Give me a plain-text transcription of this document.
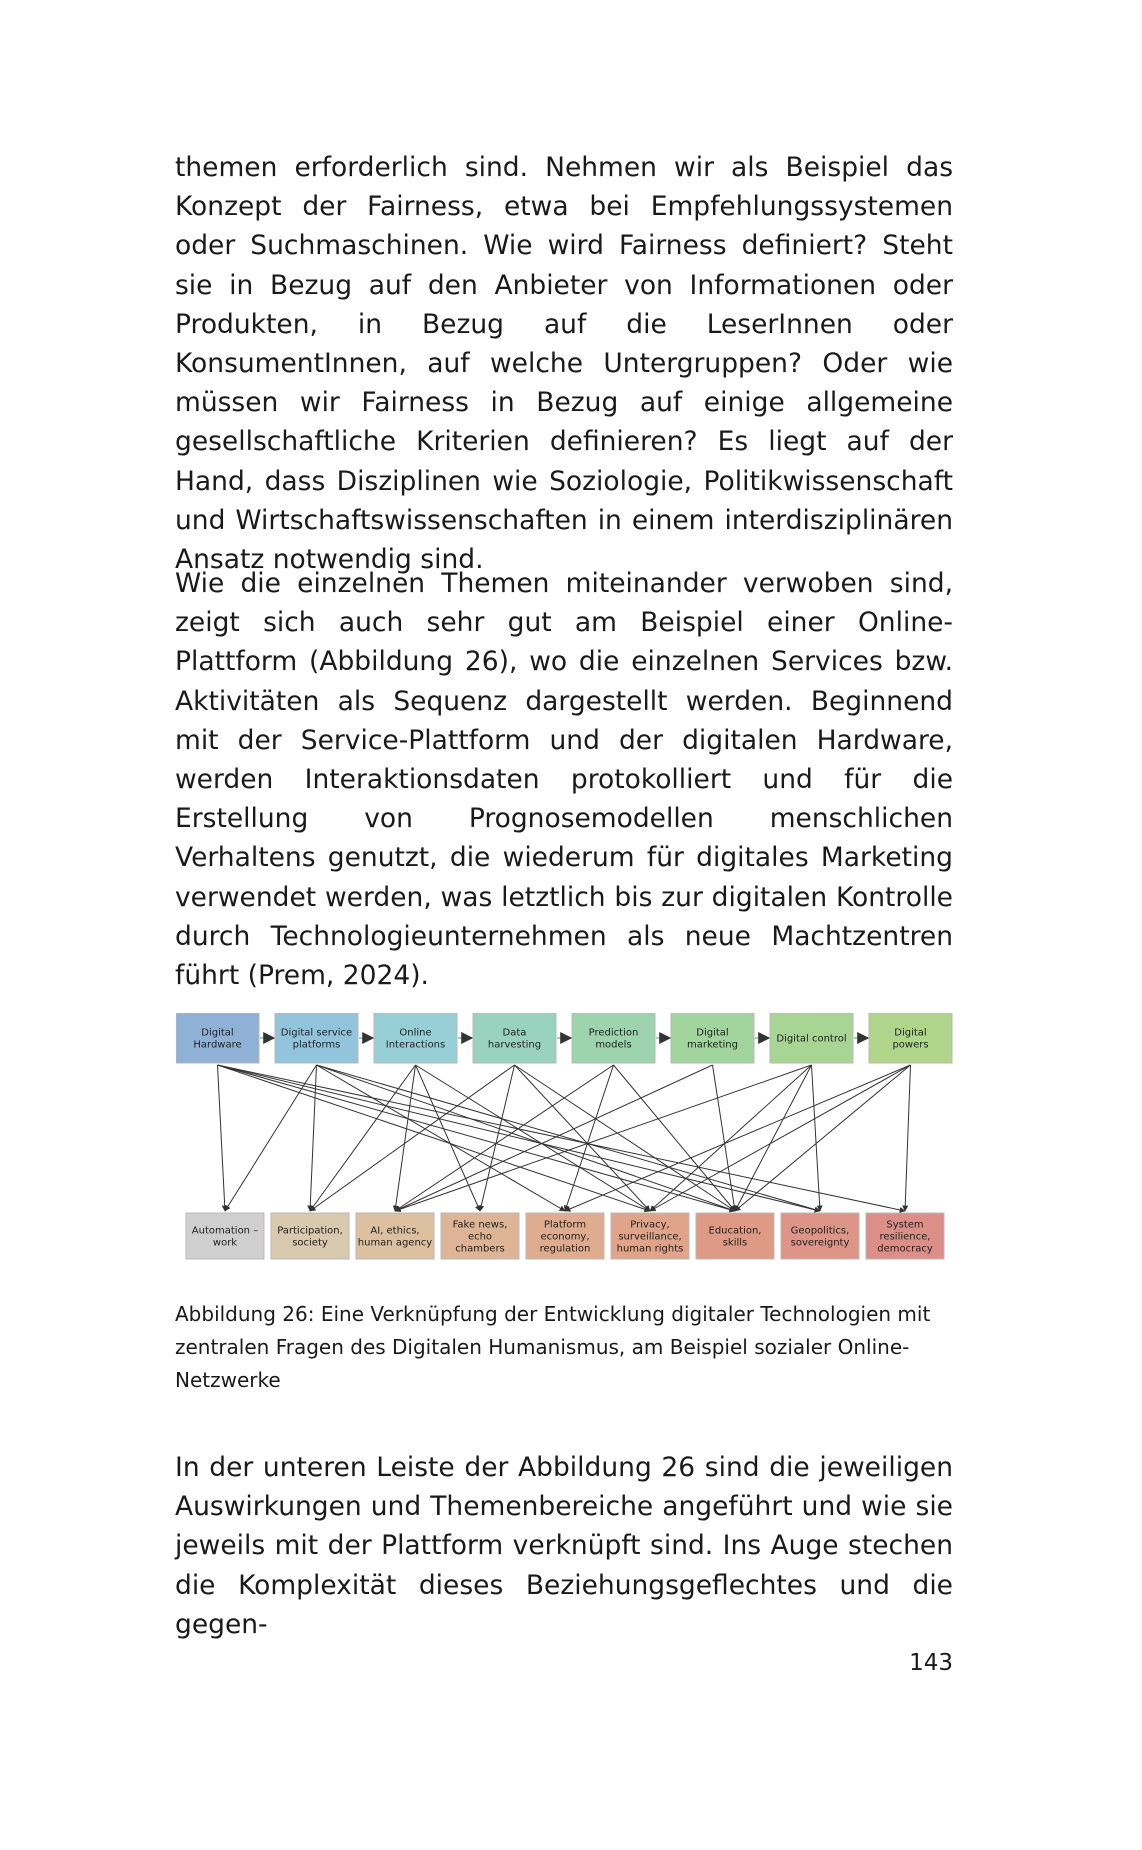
themen erforderlich sind. Nehmen wir als Beispiel das Konzept der Fairness, etwa bei Empfehlungssystemen oder Suchmaschinen. Wie wird Fairness definiert? Steht sie in Bezug auf den Anbieter von Informationen oder Produkten, in Bezug auf die LeserInnen oder KonsumentInnen, auf welche Untergruppen? Oder wie müssen wir Fairness in Bezug auf einige allgemeine gesellschaftliche Kriterien definieren? Es liegt auf der Hand, dass Disziplinen wie Soziologie, Politikwissenschaft und Wirtschaftswissenschaften in einem interdisziplinären Ansatz notwendig sind.

Wie die einzelnen Themen miteinander verwoben sind, zeigt sich auch sehr gut am Beispiel einer Online-Plattform (Abbildung 26), wo die einzelnen Services bzw. Aktivitäten als Sequenz dargestellt werden. Beginnend mit der Service-Plattform und der digitalen Hardware, werden Interaktionsdaten protokolliert und für die Erstellung von Prognosemodellen menschlichen Verhaltens genutzt, die wiederum für digitales Marketing verwendet werden, was letztlich bis zur digitalen Kontrolle durch Technologieunternehmen als neue Machtzentren führt (Prem, 2024).

Digital
Hardware
Digital service
platforms
Online
Interactions
Data
harvesting
Prediction
models
Digital
marketing
Digital control
Digital
powers
Automation –
work
Participation,
society
AI, ethics,
human agency
Fake news,
echo
chambers
Platform
economy,
regulation
Privacy,
surveillance,
human rights
Education,
skills
Geopolitics,
sovereignty
System
resilience,
democracy

Abbildung 26: Eine Verknüpfung der Entwicklung digitaler Technologien mit zentralen Fragen des Digitalen Humanismus, am Beispiel sozialer Online-Netzwerke

In der unteren Leiste der Abbildung 26 sind die jeweiligen Auswirkungen und Themenbereiche angeführt und wie sie jeweils mit der Plattform verknüpft sind. Ins Auge stechen die Komplexität dieses Beziehungsgeflechtes und die gegen-

143
